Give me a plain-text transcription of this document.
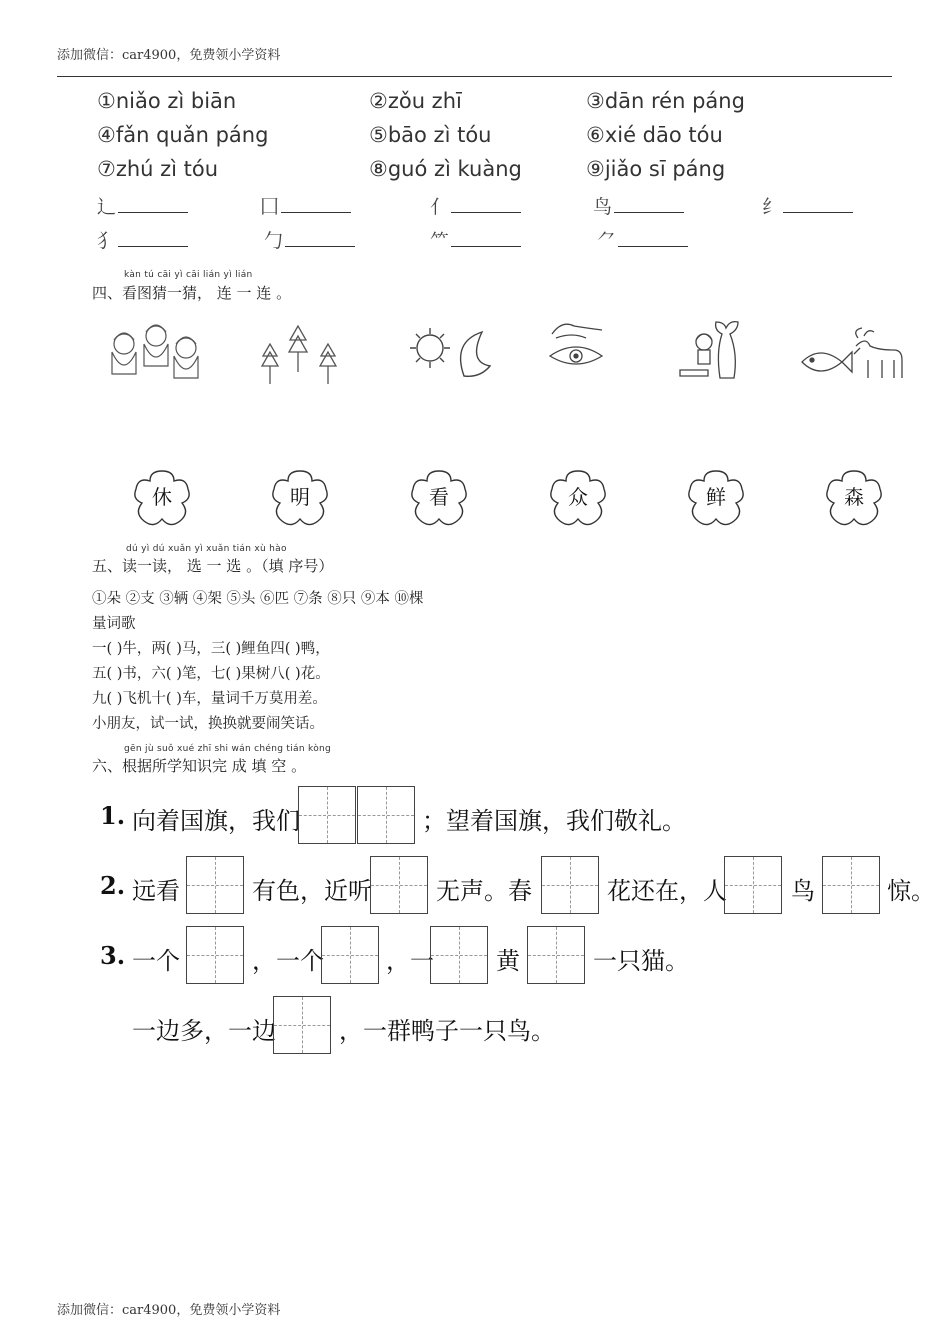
添加微信：car4900，免费领小学资料
①niǎo zì biān	②zǒu zhī	③dān rén páng
④fǎn quǎn páng	⑤bāo zì tóu	⑥xié dāo tóu
⑦zhú zì tóu	⑧guó zì kuàng	⑨jiǎo sī páng
辶	囗	亻	鸟	纟
犭	勹	⺮	⺈
kàn tú cāi yì cāi lián yì lián
四、看图猜一猜， 连 一 连 。
休	明	看	众	鲜	森
dú yì dú xuǎn yì xuǎn tián xù hào
五、读一读， 选 一 选 。（填 序号）
①朵 ②支 ③辆 ④架 ⑤头 ⑥匹 ⑦条 ⑧只 ⑨本 ⑩棵
量词歌
一( )牛，两( )马，三( )鲤鱼四( )鸭，
五( )书，六( )笔，七( )果树八( )花。
九( )飞机十( )车，量词千万莫用差。
小朋友，试一试，换换就要闹笑话。
gēn jù suǒ xué zhī shi wán chéng tián kòng
六、根据所学知识完 成 填 空 。
1. 向着国旗，我们	；望着国旗，我们敬礼。
2. 远看	有色，近听	无声。春	花还在，人	鸟	惊。
3. 一个	，一个	，一	黄	一只猫。
一边多，一边	，一群鸭子一只鸟。
添加微信：car4900，免费领小学资料
